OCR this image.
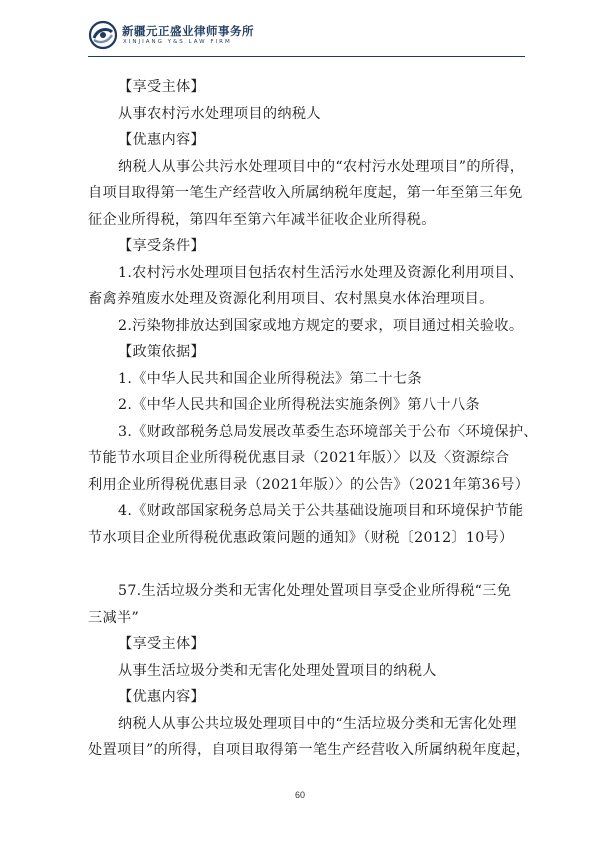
新疆元正盛业律师事务所
XINJIANG Y&S LAW FIRM
【享受主体】
从事农村污水处理项目的纳税人
【优惠内容】
纳税人从事公共污水处理项目中的“农村污水处理项目”的所得，
自项目取得第一笔生产经营收入所属纳税年度起，第一年至第三年免
征企业所得税，第四年至第六年减半征收企业所得税。
【享受条件】
1.农村污水处理项目包括农村生活污水处理及资源化利用项目、
畜禽养殖废水处理及资源化利用项目、农村黑臭水体治理项目。
2.污染物排放达到国家或地方规定的要求，项目通过相关验收。
【政策依据】
1.《中华人民共和国企业所得税法》第二十七条
2.《中华人民共和国企业所得税法实施条例》第八十八条
3.《财政部税务总局发展改革委生态环境部关于公布〈环境保护、
节能节水项目企业所得税优惠目录（2021年版）〉以及〈资源综合
利用企业所得税优惠目录（2021年版）〉的公告》（2021年第36号）
4.《财政部国家税务总局关于公共基础设施项目和环境保护节能
节水项目企业所得税优惠政策问题的通知》（财税〔2012〕10号）
57.生活垃圾分类和无害化处理处置项目享受企业所得税“三免
三减半”
【享受主体】
从事生活垃圾分类和无害化处理处置项目的纳税人
【优惠内容】
纳税人从事公共垃圾处理项目中的“生活垃圾分类和无害化处理
处置项目”的所得，自项目取得第一笔生产经营收入所属纳税年度起，
60
